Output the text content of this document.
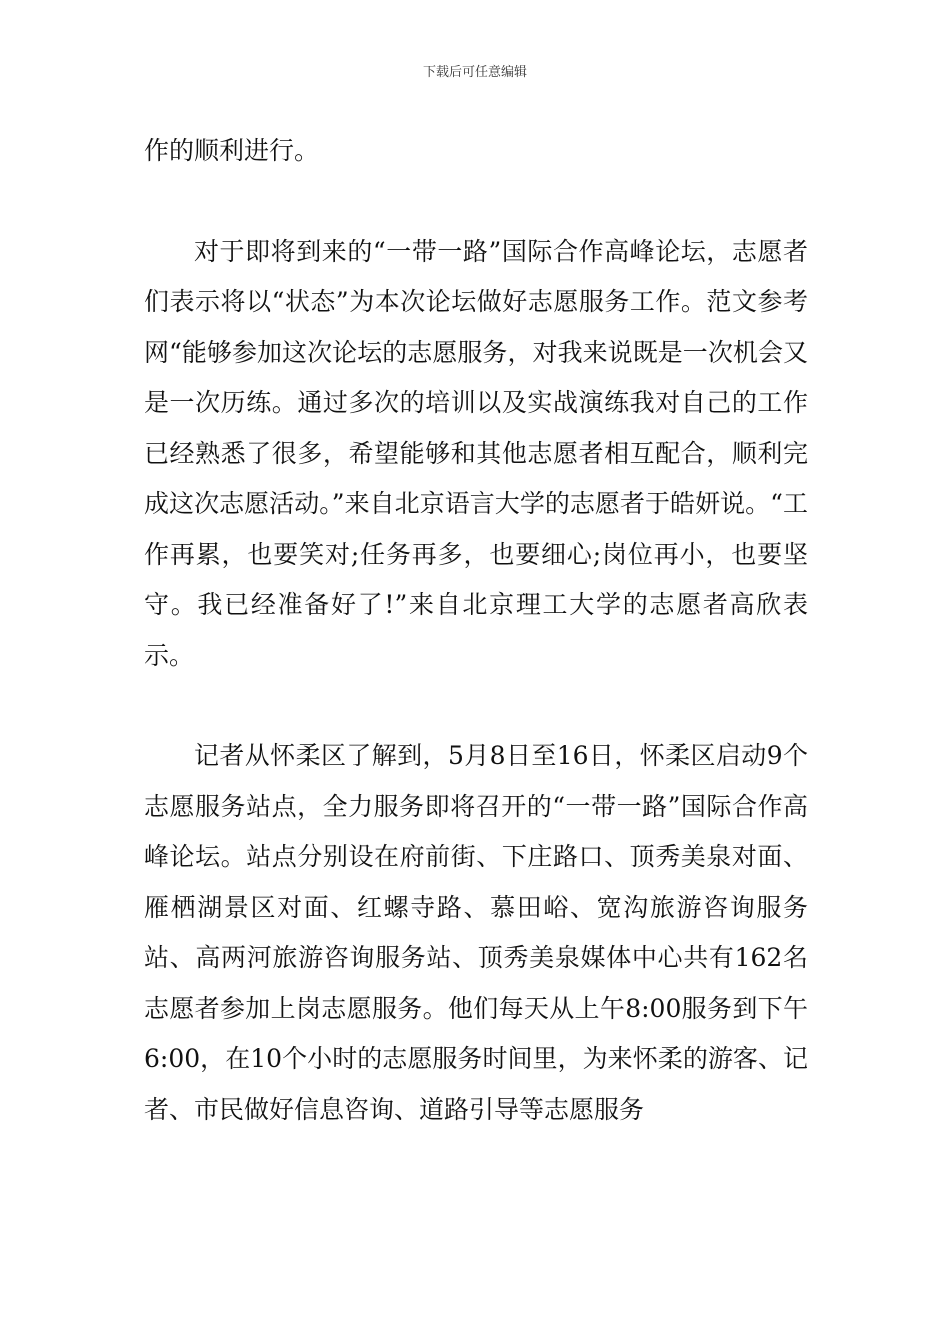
下载后可任意编辑

作的顺利进行。

对于即将到来的“一带一路”国际合作高峰论坛，志愿者们表示将以“状态”为本次论坛做好志愿服务工作。范文参考网“能够参加这次论坛的志愿服务，对我来说既是一次机会又是一次历练。通过多次的培训以及实战演练我对自己的工作已经熟悉了很多，希望能够和其他志愿者相互配合，顺利完成这次志愿活动。”来自北京语言大学的志愿者于皓妍说。“工作再累，也要笑对;任务再多，也要细心;岗位再小，也要坚守。我已经准备好了!”来自北京理工大学的志愿者高欣表示。

记者从怀柔区了解到，5月8日至16日，怀柔区启动9个志愿服务站点，全力服务即将召开的“一带一路”国际合作高峰论坛。站点分别设在府前街、下庄路口、顶秀美泉对面、雁栖湖景区对面、红螺寺路、慕田峪、宽沟旅游咨询服务站、高两河旅游咨询服务站、顶秀美泉媒体中心共有162名志愿者参加上岗志愿服务。他们每天从上午8:00服务到下午6:00，在10个小时的志愿服务时间里，为来怀柔的游客、记者、市民做好信息咨询、道路引导等志愿服务
